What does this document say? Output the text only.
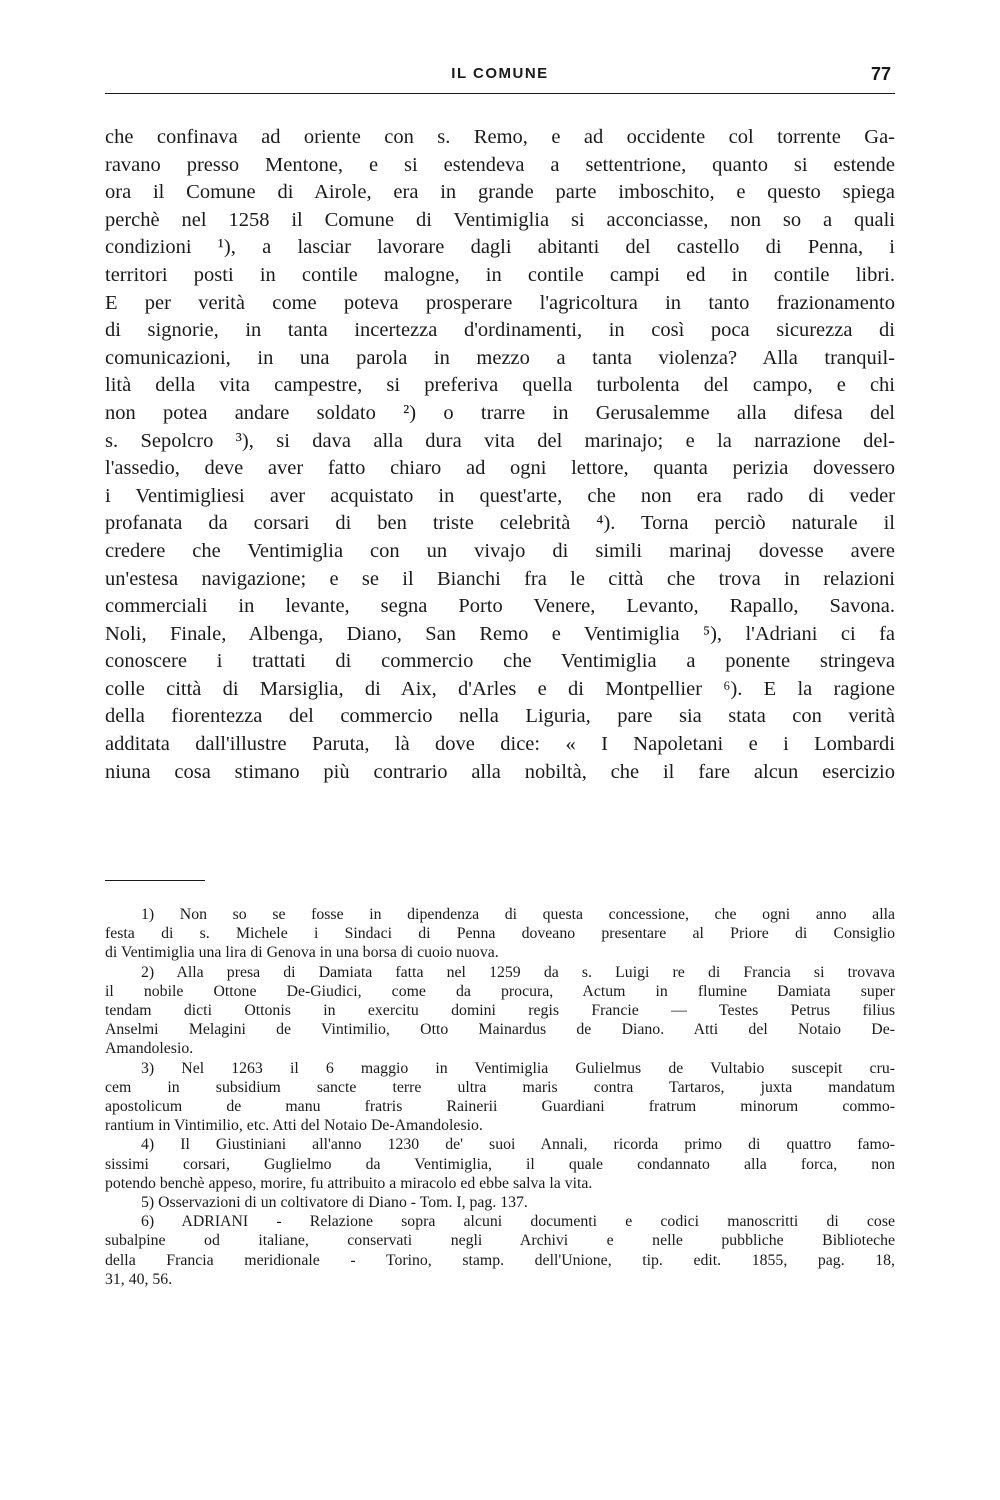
IL COMUNE	77
che confinava ad oriente con s. Remo, e ad occidente col torrente Ga-
ravano presso Mentone, e si estendeva a settentrione, quanto si estende
ora il Comune di Airole, era in grande parte imboschito, e questo spiega
perchè nel 1258 il Comune di Ventimiglia si acconciasse, non so a quali
condizioni ¹), a lasciar lavorare dagli abitanti del castello di Penna, i
territori posti in contile malogne, in contile campi ed in contile libri.
E per verità come poteva prosperare l'agricoltura in tanto frazionamento
di signorie, in tanta incertezza d'ordinamenti, in così poca sicurezza di
comunicazioni, in una parola in mezzo a tanta violenza? Alla tranquil-
lità della vita campestre, si preferiva quella turbolenta del campo, e chi
non potea andare soldato ²) o trarre in Gerusalemme alla difesa del
s. Sepolcro ³), si dava alla dura vita del marinajo; e la narrazione del-
l'assedio, deve aver fatto chiaro ad ogni lettore, quanta perizia dovessero
i Ventimigliesi aver acquistato in quest'arte, che non era rado di veder
profanata da corsari di ben triste celebrità ⁴). Torna perciò naturale il
credere che Ventimiglia con un vivajo di simili marinaj dovesse avere
un'estesa navigazione; e se il Bianchi fra le città che trova in relazioni
commerciali in levante, segna Porto Venere, Levanto, Rapallo, Savona.
Noli, Finale, Albenga, Diano, San Remo e Ventimiglia ⁵), l'Adriani ci fa
conoscere i trattati di commercio che Ventimiglia a ponente stringeva
colle città di Marsiglia, di Aix, d'Arles e di Montpellier ⁶). E la ragione
della fiorentezza del commercio nella Liguria, pare sia stata con verità
additata dall'illustre Paruta, là dove dice: « I Napoletani e i Lombardi
niuna cosa stimano più contrario alla nobiltà, che il fare alcun esercizio
1) Non so se fosse in dipendenza di questa concessione, che ogni anno alla
festa di s. Michele i Sindaci di Penna doveano presentare al Priore di Consiglio
di Ventimiglia una lira di Genova in una borsa di cuoio nuova.
2) Alla presa di Damiata fatta nel 1259 da s. Luigi re di Francia si trovava
il nobile Ottone De-Giudici, come da procura, Actum in flumine Damiata super
tendam dicti Ottonis in exercitu domini regis Francie — Testes Petrus filius
Anselmi Melagini de Vintimilio, Otto Mainardus de Diano. Atti del Notaio De-
Amandolesio.
3) Nel 1263 il 6 maggio in Ventimiglia Gulielmus de Vultabio suscepit cru-
cem in subsidium sancte terre ultra maris contra Tartaros, juxta mandatum
apostolicum de manu fratris Rainerii Guardiani fratrum minorum commo-
rantium in Vintimilio, etc. Atti del Notaio De-Amandolesio.
4) Il Giustiniani all'anno 1230 de' suoi Annali, ricorda primo di quattro famo-
sissimi corsari, Guglielmo da Ventimiglia, il quale condannato alla forca, non
potendo benchè appeso, morire, fu attribuito a miracolo ed ebbe salva la vita.
5) Osservazioni di un coltivatore di Diano - Tom. I, pag. 137.
6) ADRIANI - Relazione sopra alcuni documenti e codici manoscritti di cose
subalpine od italiane, conservati negli Archivi e nelle pubbliche Biblioteche
della Francia meridionale - Torino, stamp. dell'Unione, tip. edit. 1855, pag. 18,
31, 40, 56.
